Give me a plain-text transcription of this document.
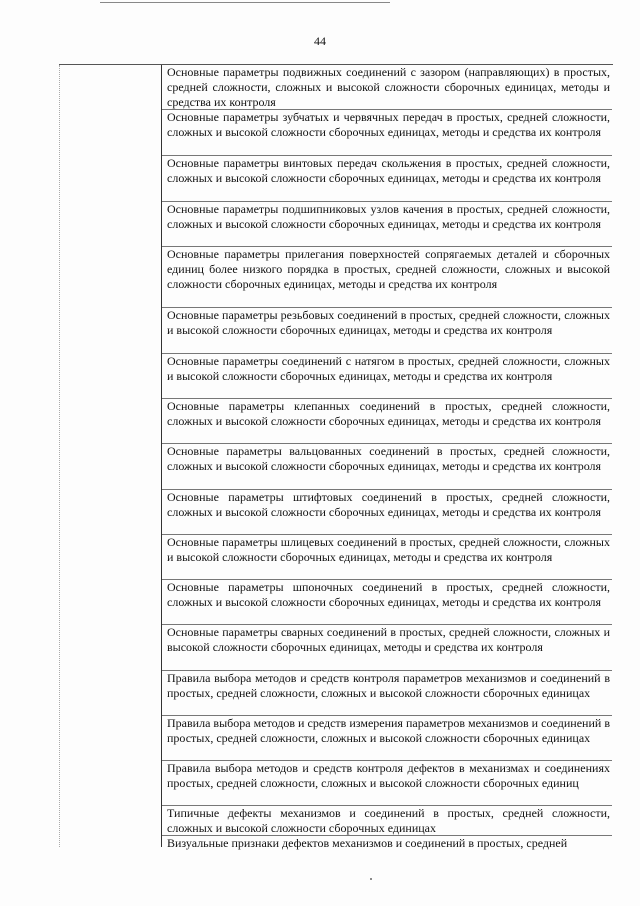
44
Основные параметры подвижных соединений с зазором (направляющих) в простых, средней сложности, сложных и высокой сложности сборочных единицах, методы и средства их контроля
Основные параметры зубчатых и червячных передач в простых, средней сложности, сложных и высокой сложности сборочных единицах, методы и средства их контроля
Основные параметры винтовых передач скольжения в простых, средней сложности, сложных и высокой сложности сборочных единицах, методы и средства их контроля
Основные параметры подшипниковых узлов качения в простых, средней сложности, сложных и высокой сложности сборочных единицах, методы и средства их контроля
Основные параметры прилегания поверхностей сопрягаемых деталей и сборочных единиц более низкого порядка в простых, средней сложности, сложных и высокой сложности сборочных единицах, методы и средства их контроля
Основные параметры резьбовых соединений в простых, средней сложности, сложных и высокой сложности сборочных единицах, методы и средства их контроля
Основные параметры соединений с натягом в простых, средней сложности, сложных и высокой сложности сборочных единицах, методы и средства их контроля
Основные параметры клепанных соединений в простых, средней сложности, сложных и высокой сложности сборочных единицах, методы и средства их контроля
Основные параметры вальцованных соединений в простых, средней сложности, сложных и высокой сложности сборочных единицах, методы и средства их контроля
Основные параметры штифтовых соединений в простых, средней сложности, сложных и высокой сложности сборочных единицах, методы и средства их контроля
Основные параметры шлицевых соединений в простых, средней сложности, сложных и высокой сложности сборочных единицах, методы и средства их контроля
Основные параметры шпоночных соединений в простых, средней сложности, сложных и высокой сложности сборочных единицах, методы и средства их контроля
Основные параметры сварных соединений в простых, средней сложности, сложных и высокой сложности сборочных единицах, методы и средства их контроля
Правила выбора методов и средств контроля параметров механизмов и соединений в простых, средней сложности, сложных и высокой сложности сборочных единицах
Правила выбора методов и средств измерения параметров механизмов и соединений в простых, средней сложности, сложных и высокой сложности сборочных единицах
Правила выбора методов и средств контроля дефектов в механизмах и соединениях простых, средней сложности, сложных и высокой сложности сборочных единиц
Типичные дефекты механизмов и соединений в простых, средней сложности, сложных и высокой сложности сборочных единицах
Визуальные признаки дефектов механизмов и соединений в простых, средней
